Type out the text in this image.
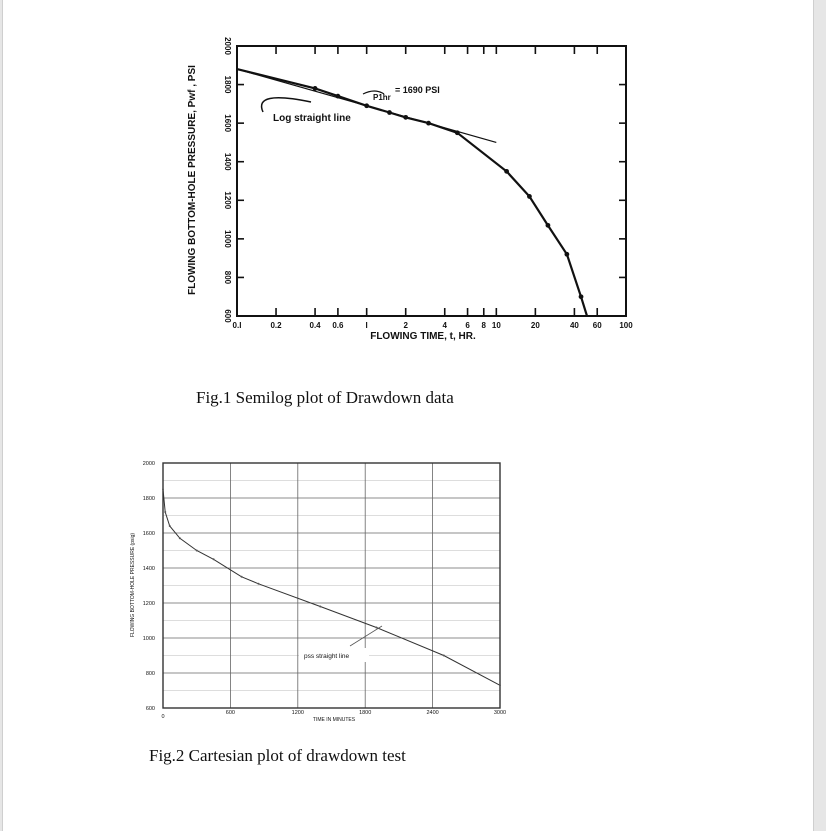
2000
1800
1600
1400
1200
1000
800
600
0.I	0.2	0.4 0.6	I	2	4 6 8 10	20	40 60 100
Log straight line
P1hr
= 1690 PSI
FLOWING TIME, t, HR.
FLOWING BOTTOM-HOLE PRESSURE, Pwf , PSI
Fig.1 Semilog plot of Drawdown data
2000
1800
1600
1400
1200
1000
800
600
0
600	1200	1800	2400	3000
pss straight line
TIME IN MINUTES
FLOWING BOTTOM-HOLE PRESSURE (psig)
Fig.2 Cartesian plot of drawdown test
